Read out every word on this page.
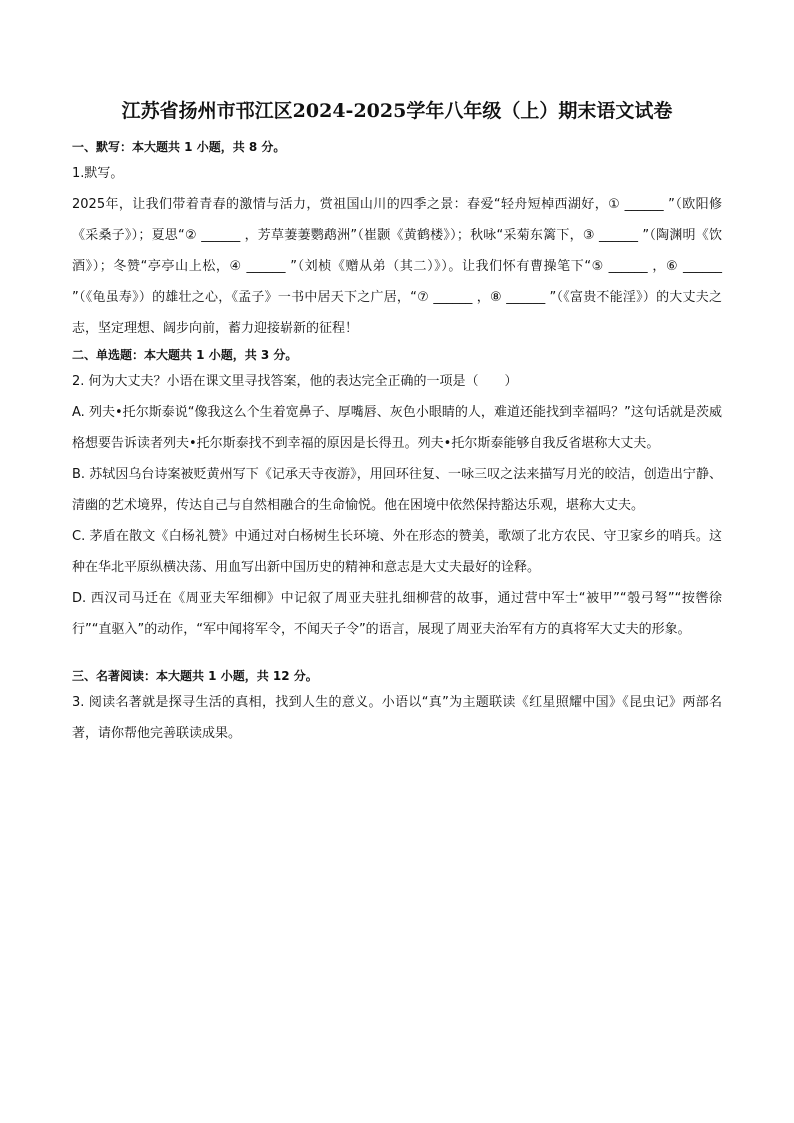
江苏省扬州市邗江区2024-2025学年八年级（上）期末语文试卷

一、默写：本大题共 1 小题，共 8 分。

1.默写。

2025年，让我们带着青春的激情与活力，赏祖国山川的四季之景：春爱“轻舟短棹西湖好，① ______ ”（欧阳修《采桑子》）；夏思“② ______ ，芳草萋萋鹦鹉洲”（崔颢《黄鹤楼》）；秋咏“采菊东篱下，③ ______ ”（陶渊明《饮酒》）；冬赞“亭亭山上松，④ ______ ”（刘桢《赠从弟（其二）》）。让我们怀有曹操笔下“⑤ ______ ，⑥ ______ ”（《龟虽寿》）的雄壮之心，《孟子》一书中居天下之广居，“⑦ ______ ，⑧ ______ ”（《富贵不能淫》）的大丈夫之志，坚定理想、阔步向前，蓄力迎接崭新的征程！

二、单选题：本大题共 1 小题，共 3 分。

2. 何为大丈夫？小语在课文里寻找答案，他的表达完全正确的一项是（　　）

A. 列夫•托尔斯泰说“像我这么个生着宽鼻子、厚嘴唇、灰色小眼睛的人，难道还能找到幸福吗？”这句话就是茨威格想要告诉读者列夫•托尔斯泰找不到幸福的原因是长得丑。列夫•托尔斯泰能够自我反省堪称大丈夫。

B. 苏轼因乌台诗案被贬黄州写下《记承天寺夜游》，用回环往复、一咏三叹之法来描写月光的皎洁，创造出宁静、清幽的艺术境界，传达自己与自然相融合的生命愉悦。他在困境中依然保持豁达乐观，堪称大丈夫。

C. 茅盾在散文《白杨礼赞》中通过对白杨树生长环境、外在形态的赞美，歌颂了北方农民、守卫家乡的哨兵。这种在华北平原纵横决荡、用血写出新中国历史的精神和意志是大丈夫最好的诠释。

D. 西汉司马迁在《周亚夫军细柳》中记叙了周亚夫驻扎细柳营的故事，通过营中军士“被甲”“彀弓弩”“按辔徐行”“直驱入”的动作，“军中闻将军令，不闻天子令”的语言，展现了周亚夫治军有方的真将军大丈夫的形象。

三、名著阅读：本大题共 1 小题，共 12 分。

3. 阅读名著就是探寻生活的真相，找到人生的意义。小语以“真”为主题联读《红星照耀中国》《昆虫记》两部名著，请你帮他完善联读成果。
